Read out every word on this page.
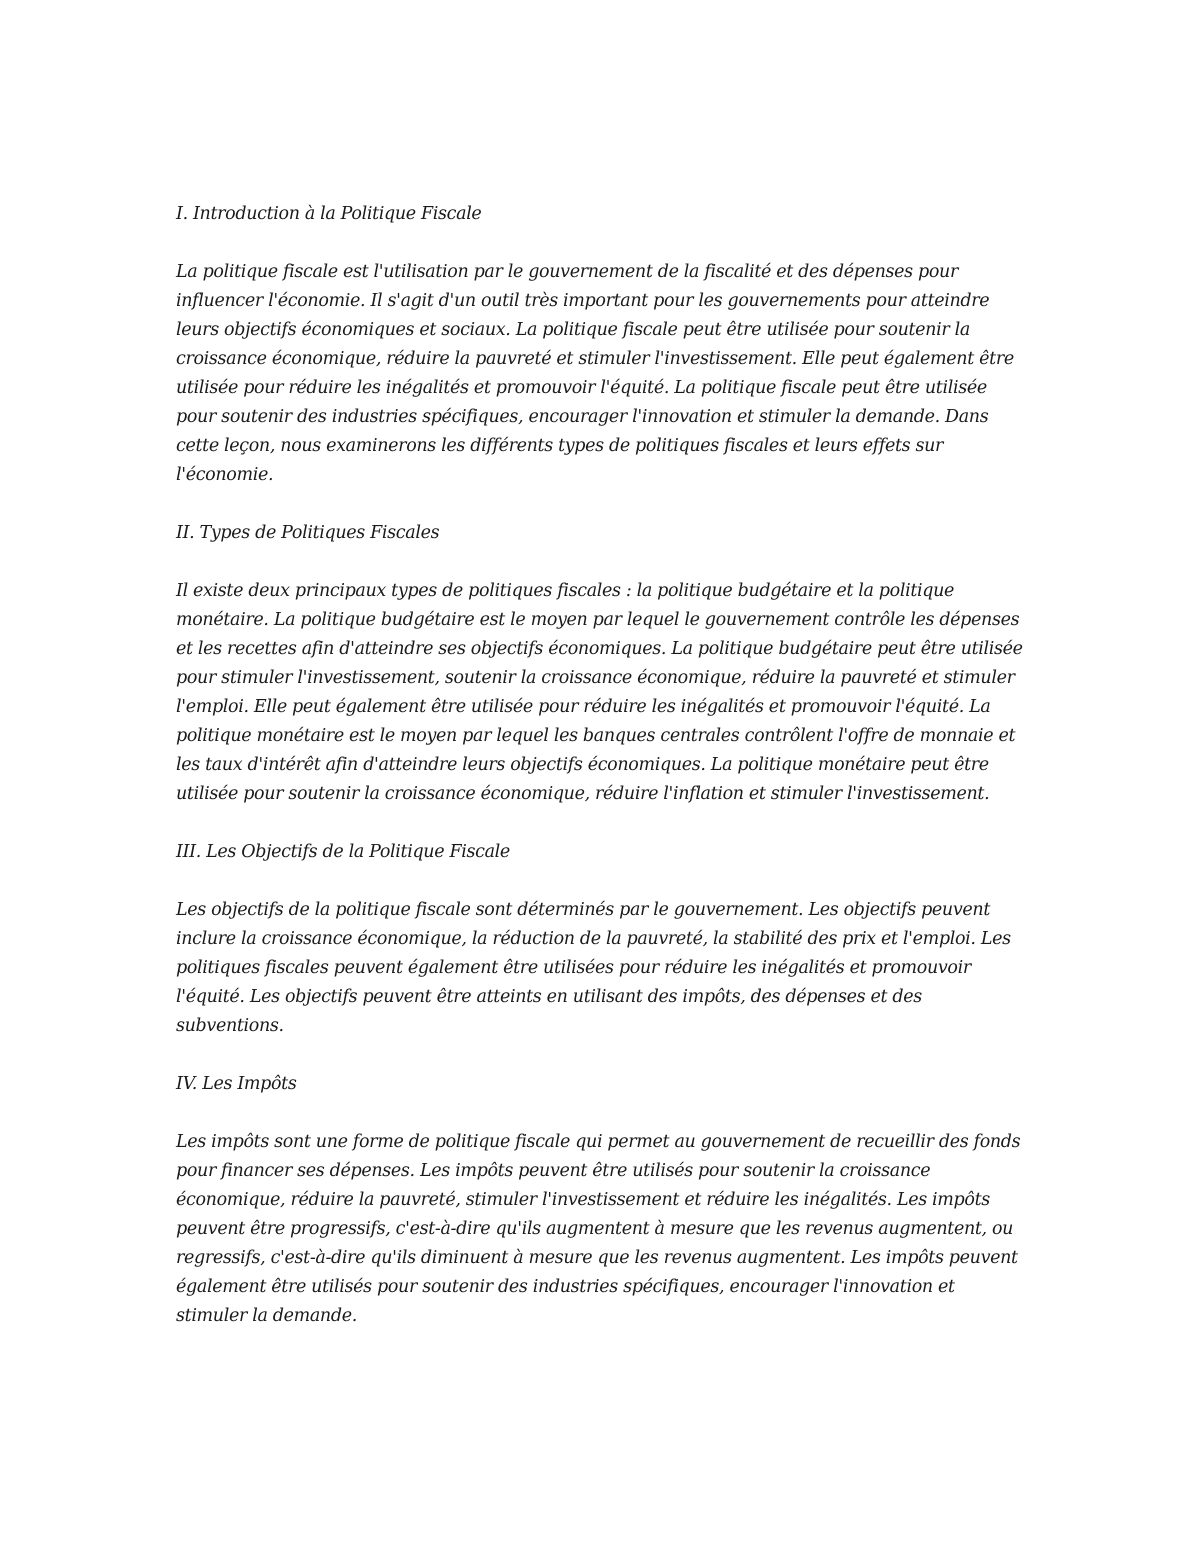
I. Introduction à la Politique Fiscale

La politique fiscale est l'utilisation par le gouvernement de la fiscalité et des dépenses pour influencer l'économie. Il s'agit d'un outil très important pour les gouvernements pour atteindre leurs objectifs économiques et sociaux. La politique fiscale peut être utilisée pour soutenir la croissance économique, réduire la pauvreté et stimuler l'investissement. Elle peut également être utilisée pour réduire les inégalités et promouvoir l'équité. La politique fiscale peut être utilisée pour soutenir des industries spécifiques, encourager l'innovation et stimuler la demande. Dans cette leçon, nous examinerons les différents types de politiques fiscales et leurs effets sur l'économie.

II. Types de Politiques Fiscales

Il existe deux principaux types de politiques fiscales : la politique budgétaire et la politique monétaire. La politique budgétaire est le moyen par lequel le gouvernement contrôle les dépenses et les recettes afin d'atteindre ses objectifs économiques. La politique budgétaire peut être utilisée pour stimuler l'investissement, soutenir la croissance économique, réduire la pauvreté et stimuler l'emploi. Elle peut également être utilisée pour réduire les inégalités et promouvoir l'équité. La politique monétaire est le moyen par lequel les banques centrales contrôlent l'offre de monnaie et les taux d'intérêt afin d'atteindre leurs objectifs économiques. La politique monétaire peut être utilisée pour soutenir la croissance économique, réduire l'inflation et stimuler l'investissement.

III. Les Objectifs de la Politique Fiscale

Les objectifs de la politique fiscale sont déterminés par le gouvernement. Les objectifs peuvent inclure la croissance économique, la réduction de la pauvreté, la stabilité des prix et l'emploi. Les politiques fiscales peuvent également être utilisées pour réduire les inégalités et promouvoir l'équité. Les objectifs peuvent être atteints en utilisant des impôts, des dépenses et des subventions.

IV. Les Impôts

Les impôts sont une forme de politique fiscale qui permet au gouvernement de recueillir des fonds pour financer ses dépenses. Les impôts peuvent être utilisés pour soutenir la croissance économique, réduire la pauvreté, stimuler l'investissement et réduire les inégalités. Les impôts peuvent être progressifs, c'est-à-dire qu'ils augmentent à mesure que les revenus augmentent, ou regressifs, c'est-à-dire qu'ils diminuent à mesure que les revenus augmentent. Les impôts peuvent également être utilisés pour soutenir des industries spécifiques, encourager l'innovation et stimuler la demande.
